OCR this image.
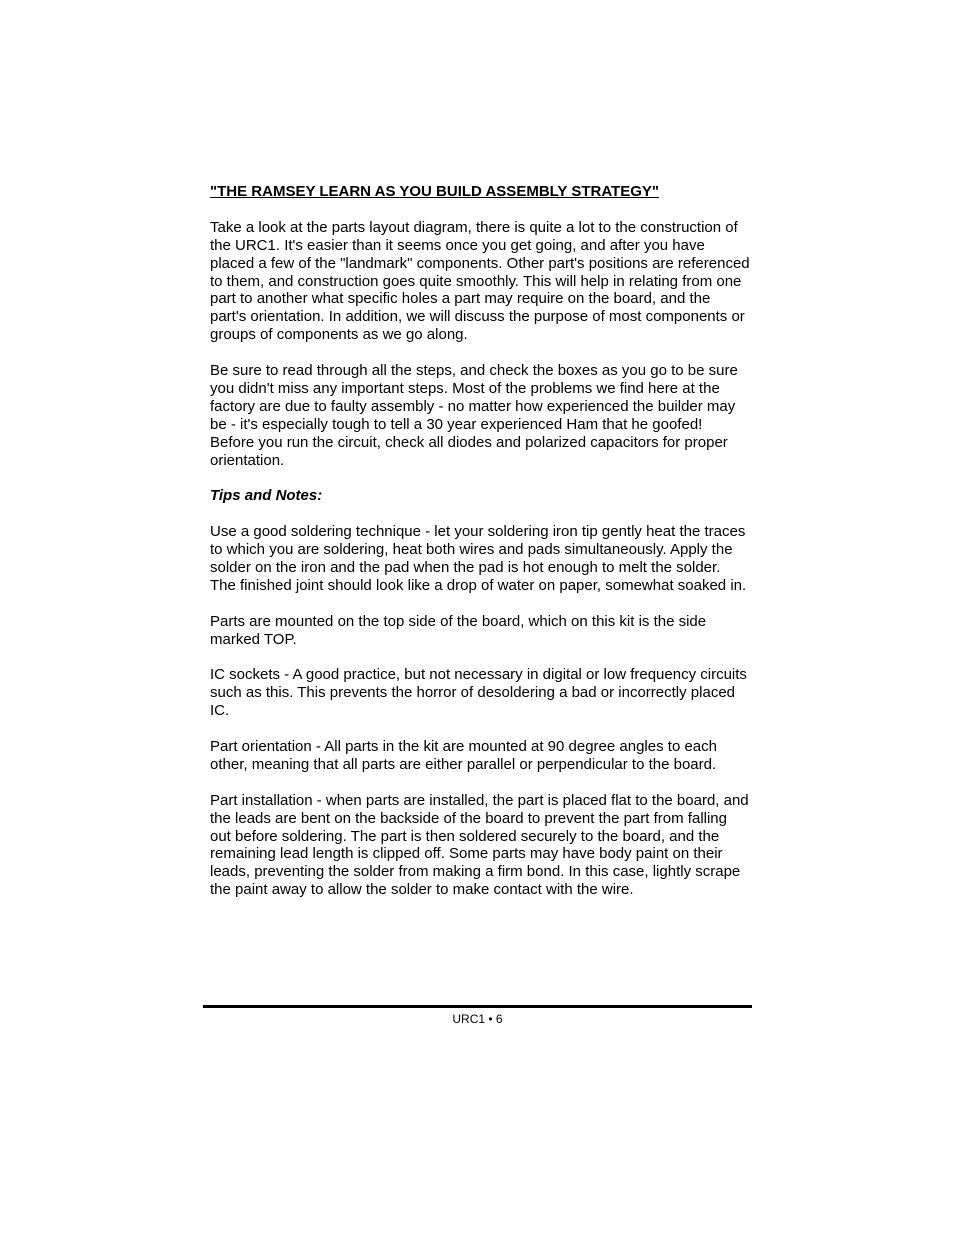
"THE RAMSEY LEARN AS YOU BUILD ASSEMBLY STRATEGY"

Take a look at the parts layout diagram, there is quite a lot to the construction of the URC1. It's easier than it seems once you get going, and after you have placed a few of the "landmark" components. Other part's positions are referenced to them, and construction goes quite smoothly. This will help in relating from one part to another what specific holes a part may require on the board, and the part's orientation. In addition, we will discuss the purpose of most components or groups of components as we go along.

Be sure to read through all the steps, and check the boxes as you go to be sure you didn't miss any important steps. Most of the problems we find here at the factory are due to faulty assembly - no matter how experienced the builder may be - it's especially tough to tell a 30 year experienced Ham that he goofed! Before you run the circuit, check all diodes and polarized capacitors for proper orientation.

Tips and Notes:

Use a good soldering technique - let your soldering iron tip gently heat the traces to which you are soldering, heat both wires and pads simultaneously. Apply the solder on the iron and the pad when the pad is hot enough to melt the solder. The finished joint should look like a drop of water on paper, somewhat soaked in.

Parts are mounted on the top side of the board, which on this kit is the side marked TOP.

IC sockets - A good practice, but not necessary in digital or low frequency circuits such as this. This prevents the horror of desoldering a bad or incorrectly placed IC.

Part orientation - All parts in the kit are mounted at 90 degree angles to each other, meaning that all parts are either parallel or perpendicular to the board.

Part installation - when parts are installed, the part is placed flat to the board, and the leads are bent on the backside of the board to prevent the part from falling out before soldering. The part is then soldered securely to the board, and the remaining lead length is clipped off. Some parts may have body paint on their leads, preventing the solder from making a firm bond. In this case, lightly scrape the paint away to allow the solder to make contact with the wire.

URC1 • 6
